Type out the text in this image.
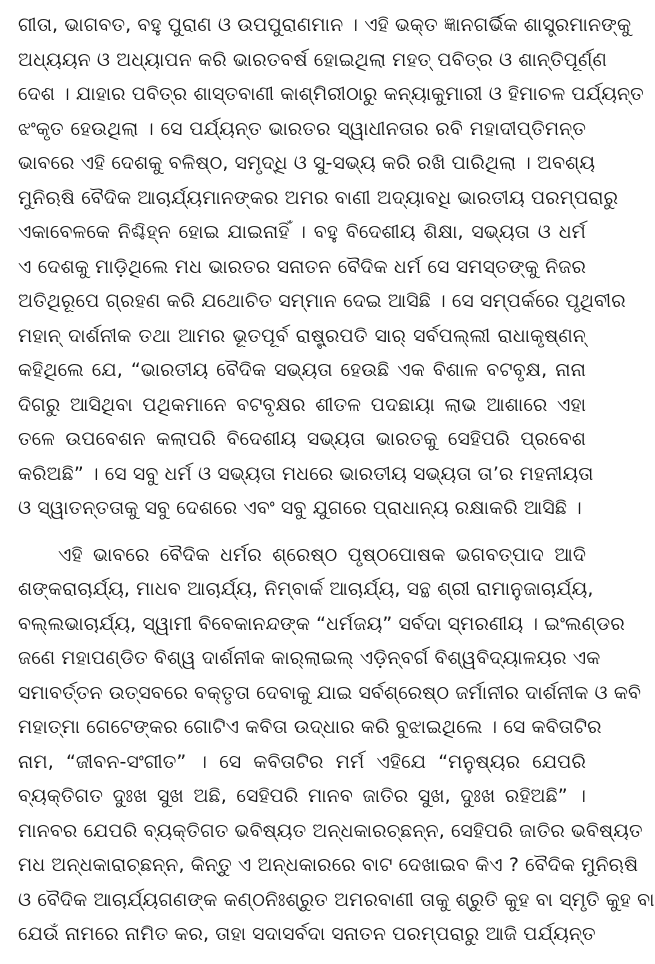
ଗୀତା, ଭାଗବତ, ବହୁ ପୁରାଣ ଓ ଉପପୁରାଣମାନ । ଏହି ଭକ୍ତ ଜ୍ଞାନଗର୍ଭିକ ଶାସ୍ତ୍ରମାନଙ୍କୁ
ଅଧ୍ୟୟନ ଓ ଅଧ୍ୟାପନ କରି ଭାରତବର୍ଷ ହୋଇଥିଲା ମହତ୍ ପବିତ୍ର ଓ ଶାନ୍ତିପୂର୍ଣ୍ଣ
ଦେଶ । ଯାହାର ପବିତ୍ର ଶାସ୍ତବାଣୀ କାଶ୍ମିରୀଠାରୁ କନ୍ୟାକୁମାରୀ ଓ ହିମାଚଳ ପର୍ଯ୍ୟନ୍ତ
ଝଂକୃତ ହେଉଥିଲା । ସେ ପର୍ଯ୍ୟନ୍ତ ଭାରତର ସ୍ୱାଧୀନତାର ରବି ମହାଦୀପ୍ତିମନ୍ତ
ଭାବରେ ଏହି ଦେଶକୁ ବଳିଷ୍ଠ, ସମୃଦ୍ଧି ଓ ସୁ-ସଭ୍ୟ କରି ରଖି ପାରିଥିଲା । ଅବଶ୍ୟ
ମୁନିଋଷି ବୈଦିକ ଆଚାର୍ଯ୍ୟମାନଙ୍କର ଅମର ବାଣୀ ଅଦ୍ୟାବଧି ଭାରତୀୟ ପରମ୍ପରାରୁ
ଏକାବେଳକେ ନିଶ୍ଚିହ୍ନ ହୋଇ ଯାଇନାହିଁ । ବହୁ ବିଦେଶୀୟ ଶିକ୍ଷା, ସଭ୍ୟତା ଓ ଧର୍ମ
ଏ ଦେଶକୁ ମାଡ଼ିଥିଲେ ମଧ ଭାରତର ସନାତନ ବୈଦିକ ଧର୍ମ ସେ ସମସ୍ତଙ୍କୁ ନିଜର
ଅତିଥିରୂପେ ଗ୍ରହଣ କରି ଯଥୋଚିତ ସମ୍ମାନ ଦେଇ ଆସିଛି । ସେ ସମ୍ପର୍କରେ ପୃଥିବୀର
ମହାନ୍ ଦାର୍ଶନୀକ ତଥା ଆମର ଭୂତପୂର୍ବ ରାଷ୍ଟ୍ରପତି ସାର୍ ସର୍ବପଲ୍ଲୀ ରାଧାକୃଷ୍ଣନ୍
କହିଥିଲେ ଯେ, “ଭାରତୀୟ ବୈଦିକ ସଭ୍ୟତା ହେଉଛି ଏକ ବିଶାଳ ବଟବୃକ୍ଷ, ନାନା
ଦିଗରୁ ଆସିଥିବା ପଥିକମାନେ ବଟବୃକ୍ଷର ଶୀତଳ ପଦଛାୟା ଲାଭ ଆଶାରେ ଏହା
ତଳେ ଉପବେଶନ କଲାପରି ବିଦେଶୀୟ ସଭ୍ୟତା ଭାରତକୁ ସେହିପରି ପ୍ରବେଶ
କରିଅଛି” । ସେ ସବୁ ଧର୍ମ ଓ ସଭ୍ୟତା ମଧରେ ଭାରତୀୟ ସଭ୍ୟତା ତା’ର ମହନୀୟତା
ଓ ସ୍ୱାତନ୍ତତାକୁ ସବୁ ଦେଶରେ ଏବଂ ସବୁ ଯୁଗରେ ପ୍ରାଧାନ୍ୟ ରକ୍ଷାକରି ଆସିଛି ।
ଏହି ଭାବରେ ବୈଦିକ ଧର୍ମର ଶ୍ରେଷ୍ଠ ପୃଷ୍ଠପୋଷକ ଭଗବତ୍‌ପାଦ ଆଦି
ଶଙ୍କରାଚାର୍ଯ୍ୟ, ମାଧବ ଆଚାର୍ଯ୍ୟ, ନିମ୍ବାର୍କ ଆଚାର୍ଯ୍ୟ, ସନ୍ଥ ଶ୍ରୀ ରାମାନୁଜାଚାର୍ଯ୍ୟ,
ବଲ୍ଲଭାଚାର୍ଯ୍ୟ, ସ୍ୱାମୀ ବିବେକାନନ୍ଦଙ୍କ “ଧର୍ମଜୟ” ସର୍ବଦା ସ୍ମରଣୀୟ । ଇଂଲଣ୍ଡର
ଜଣେ ମହାପଣ୍ଡିତ ବିଶ୍ୱ ଦାର୍ଶନୀକ କାର୍‌ଲାଇଲ୍ ଏଡ଼ିନ୍‌ବର୍ଗ ବିଶ୍ୱବିଦ୍ୟାଳୟର ଏକ
ସମାବର୍ତ୍ତନ ଉତ୍ସବରେ ବକ୍ତୃତା ଦେବାକୁ ଯାଇ ସର୍ବଶ୍ରେଷ୍ଠ ଜର୍ମାନୀର ଦାର୍ଶନୀକ ଓ କବି
ମହାତ୍ମା ଗେଟେଙ୍କର ଗୋଟିଏ କବିତା ଉଦ୍ଧାର କରି ବୁଝାଇଥିଲେ । ସେ କବିତାଟିର
ନାମ, “ଜୀବନ-ସଂଗୀତ” । ସେ କବିତାଟିର ମର୍ମ ଏହିଯେ “ମନୁଷ୍ୟର ଯେପରି
ବ୍ୟକ୍ତିଗତ ଦୁଃଖ ସୁଖ ଅଛି, ସେହିପରି ମାନବ ଜାତିର ସୁଖ, ଦୁଃଖ ରହିଅଛି” ।
ମାନବର ଯେପରି ବ୍ୟକ୍ତିଗତ ଭବିଷ୍ୟତ ଅନ୍ଧକାରଚ୍ଛନ୍ନ, ସେହିପରି ଜାତିର ଭବିଷ୍ୟତ
ମଧ ଅନ୍ଧକାରାଚ୍ଛନ୍ନ, କିନ୍ତୁ ଏ ଅନ୍ଧକାରରେ ବାଟ ଦେଖାଇବ କିଏ ? ବୈଦିକ ମୁନିଋଷି
ଓ ବୈଦିକ ଆଚାର୍ଯ୍ୟଗଣଙ୍କ କଣ୍ଠନିଃଶ୍ରୁତ ଅମରବାଣୀ ତାକୁ ଶ୍ରୁତି କୁହ ବା ସ୍ମୃତି କୁହ ବା
ଯେଉଁ ନାମରେ ନାମିତ କର, ତାହା ସଦାସର୍ବଦା ସନାତନ ପରମ୍ପରାରୁ ଆଜି ପର୍ଯ୍ୟନ୍ତ
